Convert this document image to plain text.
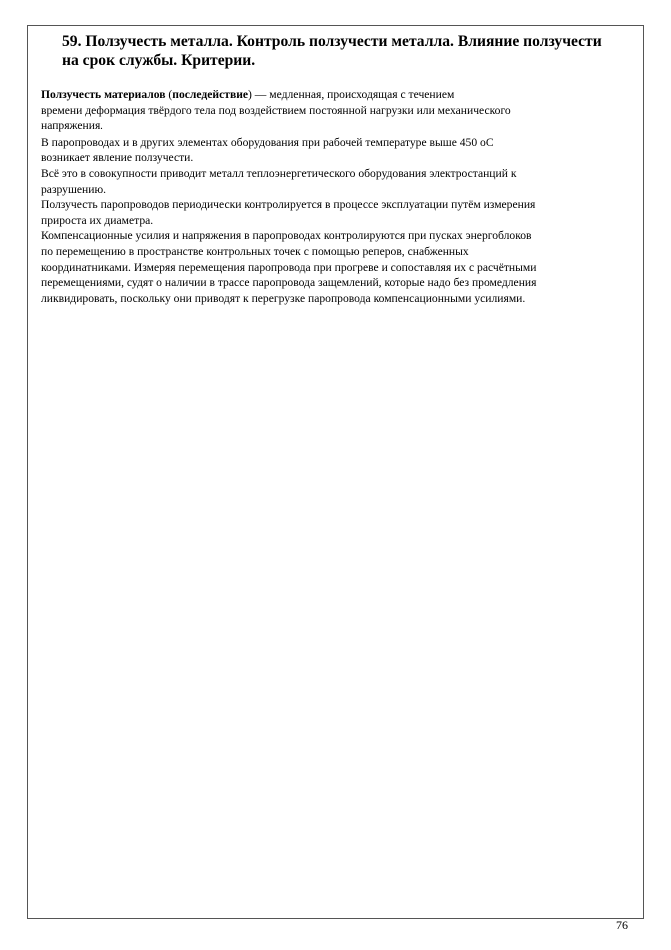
59. Ползучесть металла. Контроль ползучести металла. Влияние ползучести
на срок службы. Критерии.

Ползучесть материалов (последействие) — медленная, происходящая с течением

времени деформация твёрдого тела под воздействием постоянной нагрузки или механического

напряжения.

В паропроводах и в других элементах оборудования при рабочей температуре выше 450 оС

возникает явление ползучести.

Всё это в совокупности приводит металл теплоэнергетического оборудования электростанций к

разрушению.

Ползучесть паропроводов периодически контролируется в процессе эксплуатации путём измерения

прироста их диаметра.

Компенсационные усилия и напряжения в паропроводах контролируются при пусках энергоблоков

по перемещению в пространстве контрольных точек с помощью реперов, снабженных

координатниками. Измеряя перемещения паропровода при прогреве и сопоставляя их с расчётными

перемещениями, судят о наличии в трассе паропровода защемлений, которые надо без промедления

ликвидировать, поскольку они приводят к перегрузке паропровода компенсационными усилиями.

76
